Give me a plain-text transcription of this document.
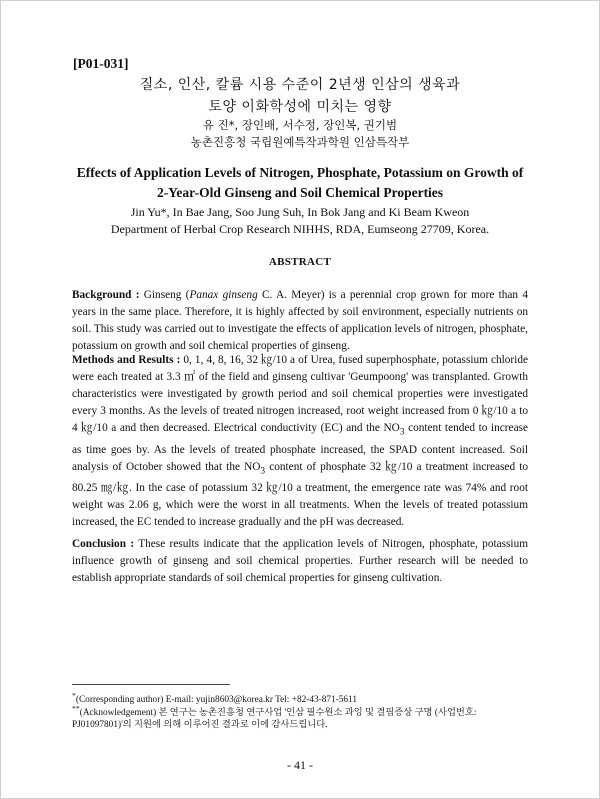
[P01-031]
질소, 인산, 칼륨 시용 수준이 2년생 인삼의 생육과
토양 이화학성에 미치는 영향
유 진*, 장인배, 서수정, 장인복, 권기범
농촌진흥청 국립원예특작과학원 인삼특작부
Effects of Application Levels of Nitrogen, Phosphate, Potassium on Growth of
2-Year-Old Ginseng and Soil Chemical Properties
Jin Yu*, In Bae Jang, Soo Jung Suh, In Bok Jang and Ki Beam Kweon
Department of Herbal Crop Research NIHHS, RDA, Eumseong 27709, Korea.
ABSTRACT
Background : Ginseng (Panax ginseng C. A. Meyer) is a perennial crop grown for more than 4 years in the same place. Therefore, it is highly affected by soil environment, especially nutrients on soil. This study was carried out to investigate the effects of application levels of nitrogen, phosphate, potassium on growth and soil chemical properties of ginseng.
Methods and Results : 0, 1, 4, 8, 16, 32 ㎏/10 a of Urea, fused superphosphate, potassium chloride were each treated at 3.3 ㎡ of the field and ginseng cultivar 'Geumpoong' was transplanted. Growth characteristics were investigated by growth period and soil chemical properties were investigated every 3 months. As the levels of treated nitrogen increased, root weight increased from 0 ㎏/10 a to 4 ㎏/10 a and then decreased. Electrical conductivity (EC) and the $NO_3$ content tended to increase as time goes by. As the levels of treated phosphate increased, the SPAD content increased. Soil analysis of October showed that the $NO_3$ content of phosphate 32 ㎏/10 a treatment increased to 80.25 ㎎/㎏. In the case of potassium 32 ㎏/10 a treatment, the emergence rate was 74% and root weight was 2.06 g, which were the worst in all treatments. When the levels of treated potassium increased, the EC tended to increase gradually and the pH was decreased.
Conclusion : These results indicate that the application levels of Nitrogen, phosphate, potassium influence growth of ginseng and soil chemical properties. Further research will be needed to establish appropriate standards of soil chemical properties for ginseng cultivation.
*(Corresponding author) E-mail: yujin8603@korea.kr Tel: +82-43-871-5611
**(Acknowledgement) 본 연구는 농촌진흥청 연구사업 '인삼 필수원소 과잉 및 결핍증상 구명 (사업번호: PJ01097801)'의 지원에 의해 이루어진 결과로 이에 감사드립니다.
- 41 -
